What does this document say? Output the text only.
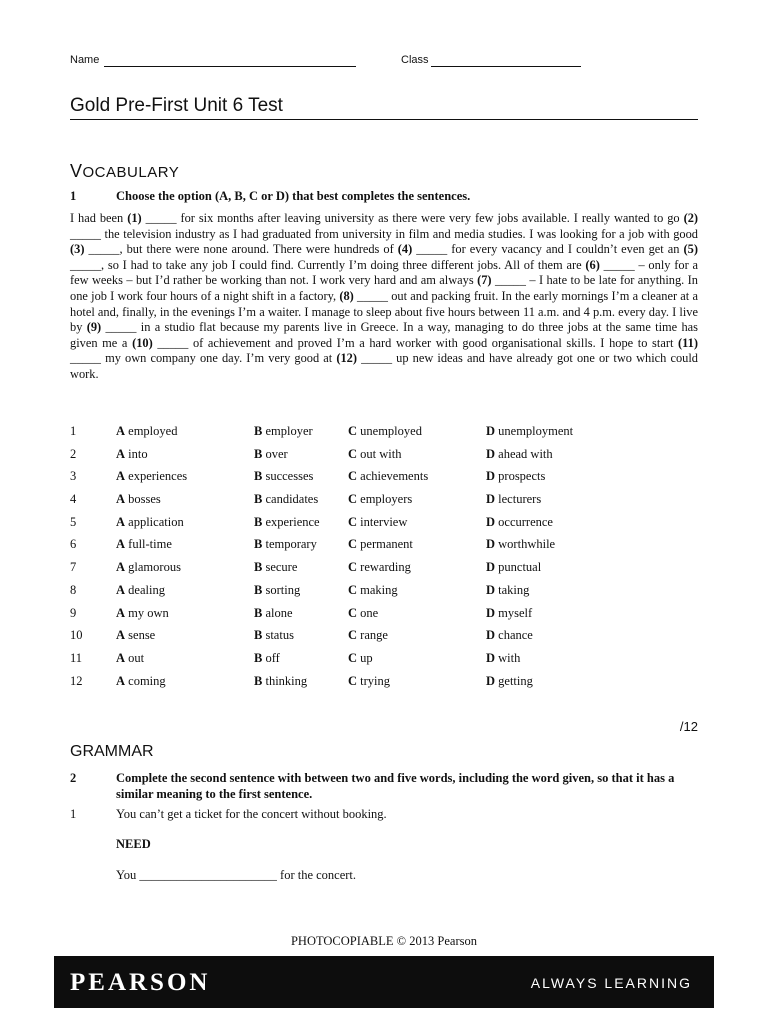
Name	Class
Gold Pre-First Unit 6 Test
VOCABULARY
1	Choose the option (A, B, C or D) that best completes the sentences.
I had been (1) _____ for six months after leaving university as there were very few jobs available. I really wanted to go (2) _____ the television industry as I had graduated from university in film and media studies. I was looking for a job with good (3) _____, but there were none around. There were hundreds of (4) _____ for every vacancy and I couldn’t even get an (5) _____, so I had to take any job I could find. Currently I’m doing three different jobs. All of them are (6) _____ – only for a few weeks – but I’d rather be working than not. I work very hard and am always (7) _____ – I hate to be late for anything. In one job I work four hours of a night shift in a factory, (8) _____ out and packing fruit. In the early mornings I’m a cleaner at a hotel and, finally, in the evenings I’m a waiter. I manage to sleep about five hours between 11 a.m. and 4 p.m. every day. I live by (9) _____ in a studio flat because my parents live in Greece. In a way, managing to do three jobs at the same time has given me a (10) _____ of achievement and proved I’m a hard worker with good organisational skills. I hope to start (11) _____ my own company one day. I’m very good at (12) _____ up new ideas and have already got one or two which could work.
1	A employed	B employer	C unemployed	D unemployment
2	A into	B over	C out with	D ahead with
3	A experiences	B successes	C achievements	D prospects
4	A bosses	B candidates C employers	D lecturers
5	A application	B experience C interview	D occurrence
6	A full-time	B temporary C permanent	D worthwhile
7	A glamorous	B secure	C rewarding	D punctual
8	A dealing	B sorting	C making	D taking
9	A my own	B alone	C one	D myself
10	A sense	B status	C range	D chance
11	A out	B off	C up	D with
12	A coming	B thinking	C trying	D getting
/12
GRAMMAR
2	Complete the second sentence with between two and five words, including the word given, so that it has a similar meaning to the first sentence.
1	You can’t get a ticket for the concert without booking.
NEED
You ______________________ for the concert.
PHOTOCOPIABLE © 2013 Pearson
PEARSON	ALWAYS LEARNING
